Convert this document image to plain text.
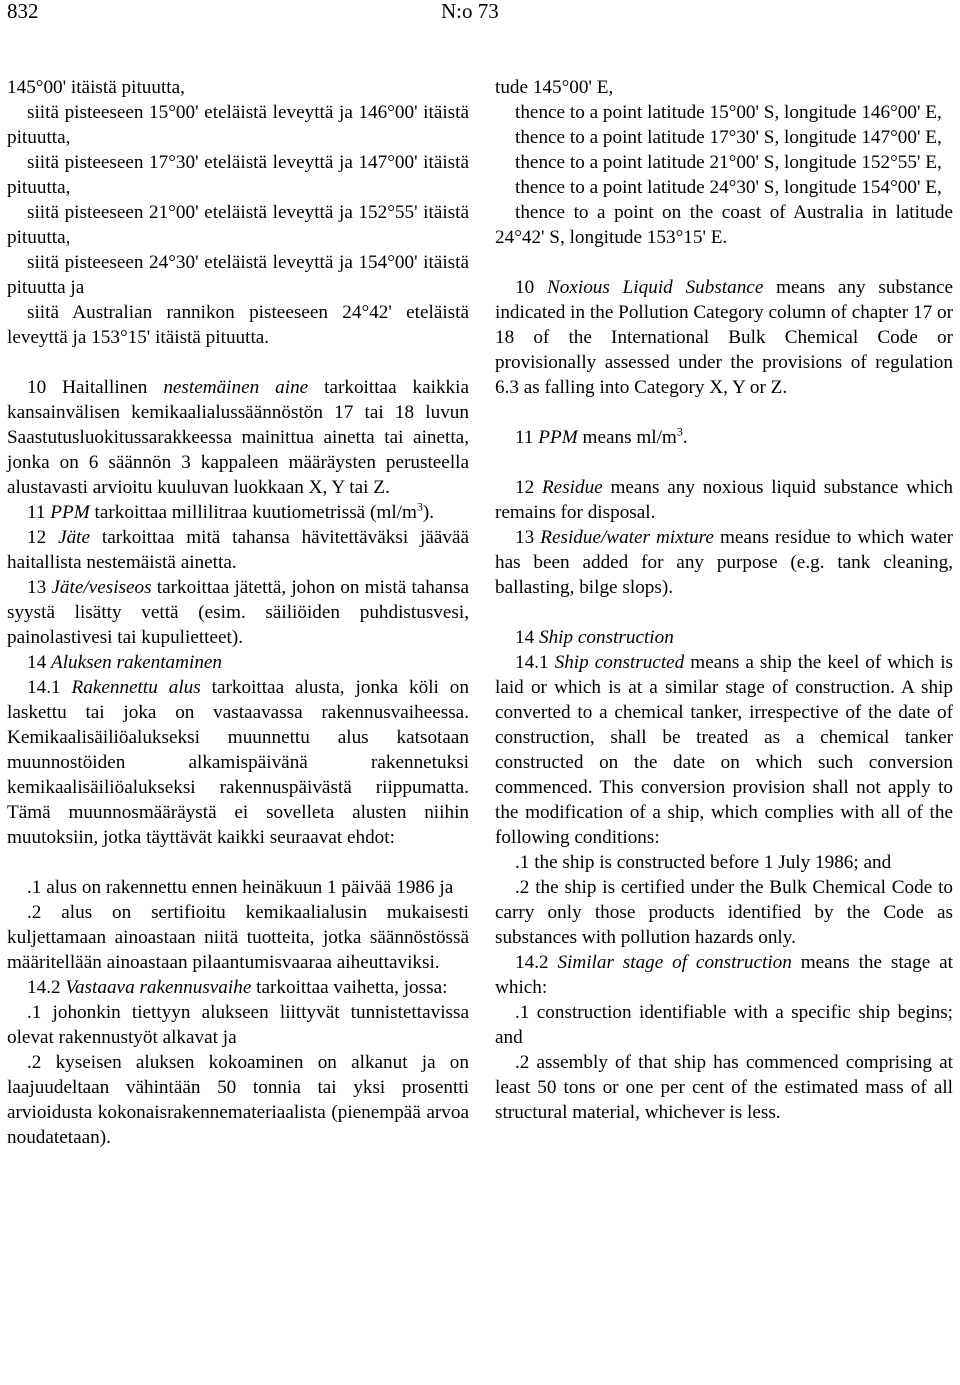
832	N:o 73

145°00' itäistä pituutta,

siitä pisteeseen 15°00' eteläistä leveyttä ja 146°00' itäistä pituutta,

siitä pisteeseen 17°30' eteläistä leveyttä ja 147°00' itäistä pituutta,

siitä pisteeseen 21°00' eteläistä leveyttä ja 152°55' itäistä pituutta,

siitä pisteeseen 24°30' eteläistä leveyttä ja 154°00' itäistä pituutta ja

siitä Australian rannikon pisteeseen 24°42' eteläistä leveyttä ja 153°15' itäistä pituutta.

10 Haitallinen nestemäinen aine tarkoittaa kaikkia kansainvälisen kemikaalialussäännöstön 17 tai 18 luvun Saastutusluokitussarakkeessa mainittua ainetta tai ainetta, jonka on 6 säännön 3 kappaleen määräysten perusteella alustavasti arvioitu kuuluvan luokkaan X, Y tai Z.

11 PPM tarkoittaa millilitraa kuutiometrissä $(ml/m^3)$.

12 Jäte tarkoittaa mitä tahansa hävitettäväksi jäävää haitallista nestemäistä ainetta.

13 Jäte/vesiseos tarkoittaa jätettä, johon on mistä tahansa syystä lisätty vettä (esim. säiliöiden puhdistusvesi, painolastivesi tai kupulietteet).

14 Aluksen rakentaminen

14.1 Rakennettu alus tarkoittaa alusta, jonka köli on laskettu tai joka on vastaavassa rakennusvaiheessa. Kemikaalisäiliöalukseksi muunnettu alus katsotaan muunnostöiden alkamispäivänä rakennetuksi kemikaalisäiliöalukseksi rakennuspäivästä riippumatta. Tämä muunnosmääräystä ei sovelleta alusten niihin muutoksiin, jotka täyttävät kaikki seuraavat ehdot:

.1 alus on rakennettu ennen heinäkuun 1 päivää 1986 ja

.2 alus on sertifioitu kemikaalialusin mukaisesti kuljettamaan ainoastaan niitä tuotteita, jotka säännöstössä määritellään ainoastaan pilaantumisvaaraa aiheuttaviksi.

14.2 Vastaava rakennusvaihe tarkoittaa vaihetta, jossa:

.1 johonkin tiettyyn alukseen liittyvät tunnistettavissa olevat rakennustyöt alkavat ja

.2 kyseisen aluksen kokoaminen on alkanut ja on laajuudeltaan vähintään 50 tonnia tai yksi prosentti arvioidusta kokonaisrakennemateriaalista (pienempää arvoa noudatetaan).

tude 145°00' E,

thence to a point latitude 15°00' S, longitude 146°00' E,

thence to a point latitude 17°30' S, longitude 147°00' E,

thence to a point latitude 21°00' S, longitude 152°55' E,

thence to a point latitude 24°30' S, longitude 154°00' E,

thence to a point on the coast of Australia in latitude 24°42' S, longitude 153°15' E.

10 Noxious Liquid Substance means any substance indicated in the Pollution Category column of chapter 17 or 18 of the International Bulk Chemical Code or provisionally assessed under the provisions of regulation 6.3 as falling into Category X, Y or Z.

11 PPM means $ml/m^3$.

12 Residue means any noxious liquid substance which remains for disposal.

13 Residue/water mixture means residue to which water has been added for any purpose (e.g. tank cleaning, ballasting, bilge slops).

14 Ship construction

14.1 Ship constructed means a ship the keel of which is laid or which is at a similar stage of construction. A ship converted to a chemical tanker, irrespective of the date of construction, shall be treated as a chemical tanker constructed on the date on which such conversion commenced. This conversion provision shall not apply to the modification of a ship, which complies with all of the following conditions:

.1 the ship is constructed before 1 July 1986; and

.2 the ship is certified under the Bulk Chemical Code to carry only those products identified by the Code as substances with pollution hazards only.

14.2 Similar stage of construction means the stage at which:

.1 construction identifiable with a specific ship begins; and

.2 assembly of that ship has commenced comprising at least 50 tons or one per cent of the estimated mass of all structural material, whichever is less.
